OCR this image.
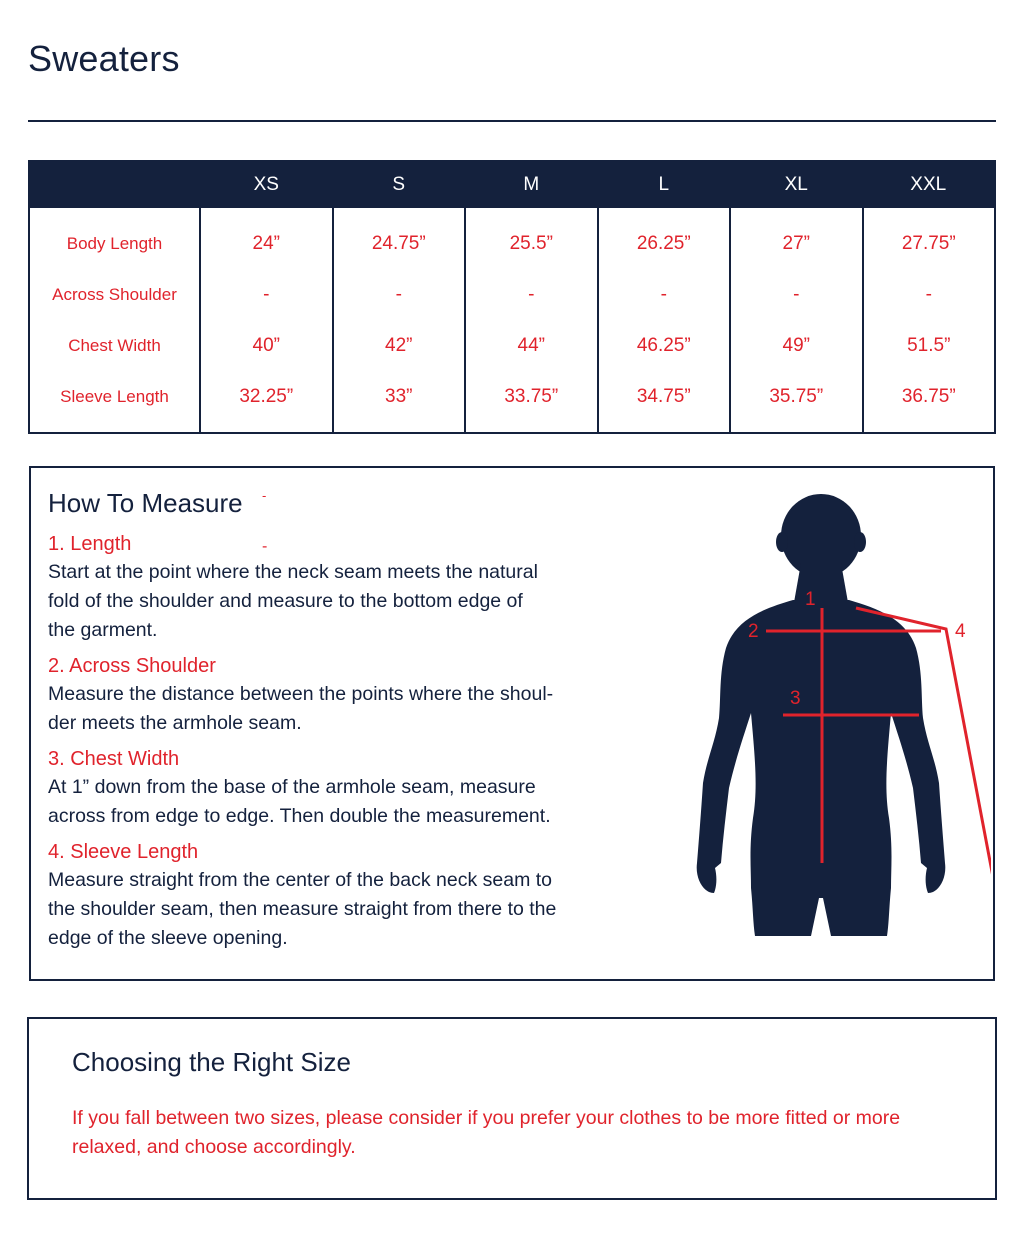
Sweaters
	XS	S	M	L	XL	XXL
Body Length	24”	24.75”	25.5”	26.25”	27”	27.75”
Across Shoulder	-	-	-	-	-	-
Chest Width	40”	42”	44”	46.25”	49”	51.5”
Sleeve Length	32.25”	33”	33.75”	34.75”	35.75”	36.75”
How To Measure -
-
1. Length
Start at the point where the neck seam meets the natural
fold of the shoulder and measure to the bottom edge of
the garment.
2. Across Shoulder
Measure the distance between the points where the shoul-
der meets the armhole seam.
3. Chest Width
At 1” down from the base of the armhole seam, measure
across from edge to edge. Then double the measurement.
4. Sleeve Length
Measure straight from the center of the back neck seam to
the shoulder seam, then measure straight from there to the
edge of the sleeve opening.
1
2
3
4
Choosing the Right Size
If you fall between two sizes, please consider if you prefer your clothes to be more fitted or more relaxed, and choose accordingly.
